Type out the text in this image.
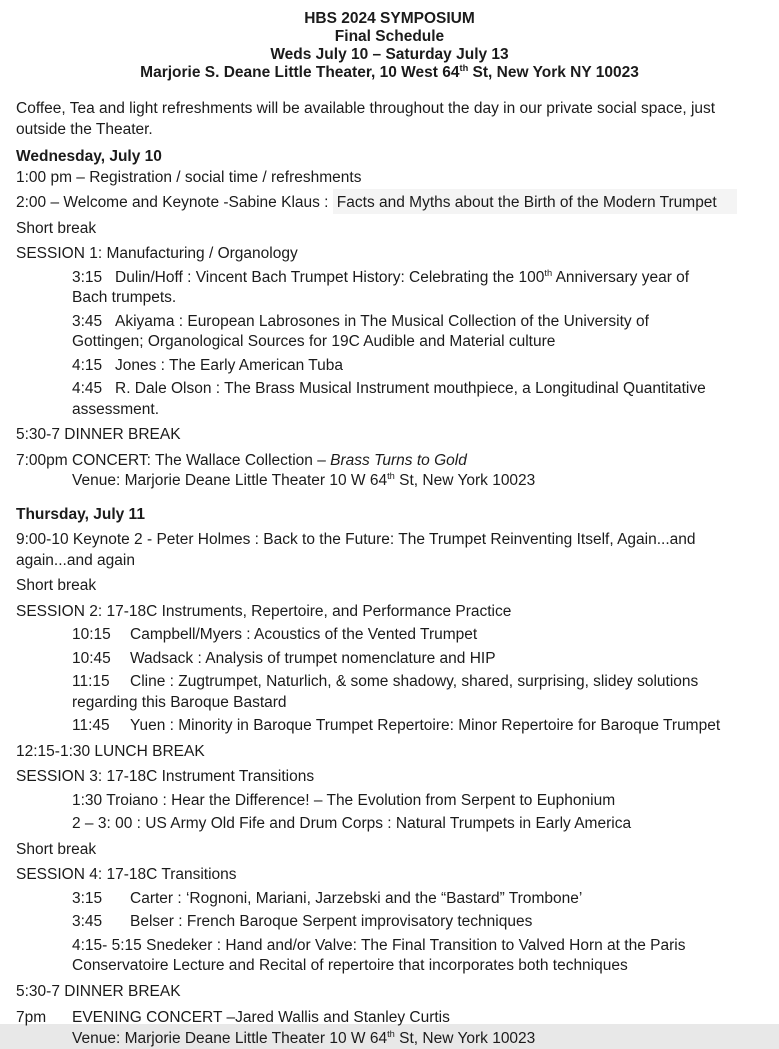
HBS 2024 SYMPOSIUM

Final Schedule

Weds July 10 – Saturday July 13

Marjorie S. Deane Little Theater, 10 West 64th St, New York NY 10023

Coffee, Tea and light refreshments will be available throughout the day in our private social space, just
outside the Theater.

Wednesday, July 10

1:00 pm – Registration / social time / refreshments

2:00 – Welcome and Keynote -Sabine Klaus : Facts and Myths about the Birth of the Modern Trumpet

Short break

SESSION 1: Manufacturing / Organology

3:15 Dulin/Hoff : Vincent Bach Trumpet History: Celebrating the 100th Anniversary year of
Bach trumpets.

3:45 Akiyama : European Labrosones in The Musical Collection of the University of
Gottingen; Organological Sources for 19C Audible and Material culture

4:15 Jones : The Early American Tuba

4:45 R. Dale Olson : The Brass Musical Instrument mouthpiece, a Longitudinal Quantitative
assessment.

5:30-7 DINNER BREAK

7:00pm CONCERT: The Wallace Collection – Brass Turns to Gold

Venue: Marjorie Deane Little Theater 10 W 64th St, New York 10023

Thursday, July 11

9:00-10 Keynote 2 - Peter Holmes : Back to the Future: The Trumpet Reinventing Itself, Again...and
again...and again

Short break

SESSION 2: 17-18C Instruments, Repertoire, and Performance Practice

10:15 Campbell/Myers : Acoustics of the Vented Trumpet

10:45 Wadsack : Analysis of trumpet nomenclature and HIP

11:15 Cline : Zugtrumpet, Naturlich, & some shadowy, shared, surprising, slidey solutions
regarding this Baroque Bastard

11:45 Yuen : Minority in Baroque Trumpet Repertoire: Minor Repertoire for Baroque Trumpet

12:15-1:30 LUNCH BREAK

SESSION 3: 17-18C Instrument Transitions

1:30 Troiano : Hear the Difference! – The Evolution from Serpent to Euphonium

2 – 3: 00 : US Army Old Fife and Drum Corps : Natural Trumpets in Early America

Short break

SESSION 4: 17-18C Transitions

3:15 Carter : ‘Rognoni, Mariani, Jarzebski and the “Bastard” Trombone’

3:45 Belser : French Baroque Serpent improvisatory techniques

4:15- 5:15 Snedeker : Hand and/or Valve: The Final Transition to Valved Horn at the Paris
Conservatoire Lecture and Recital of repertoire that incorporates both techniques

5:30-7 DINNER BREAK

7pm EVENING CONCERT –Jared Wallis and Stanley Curtis

Venue: Marjorie Deane Little Theater 10 W 64th St, New York 10023
